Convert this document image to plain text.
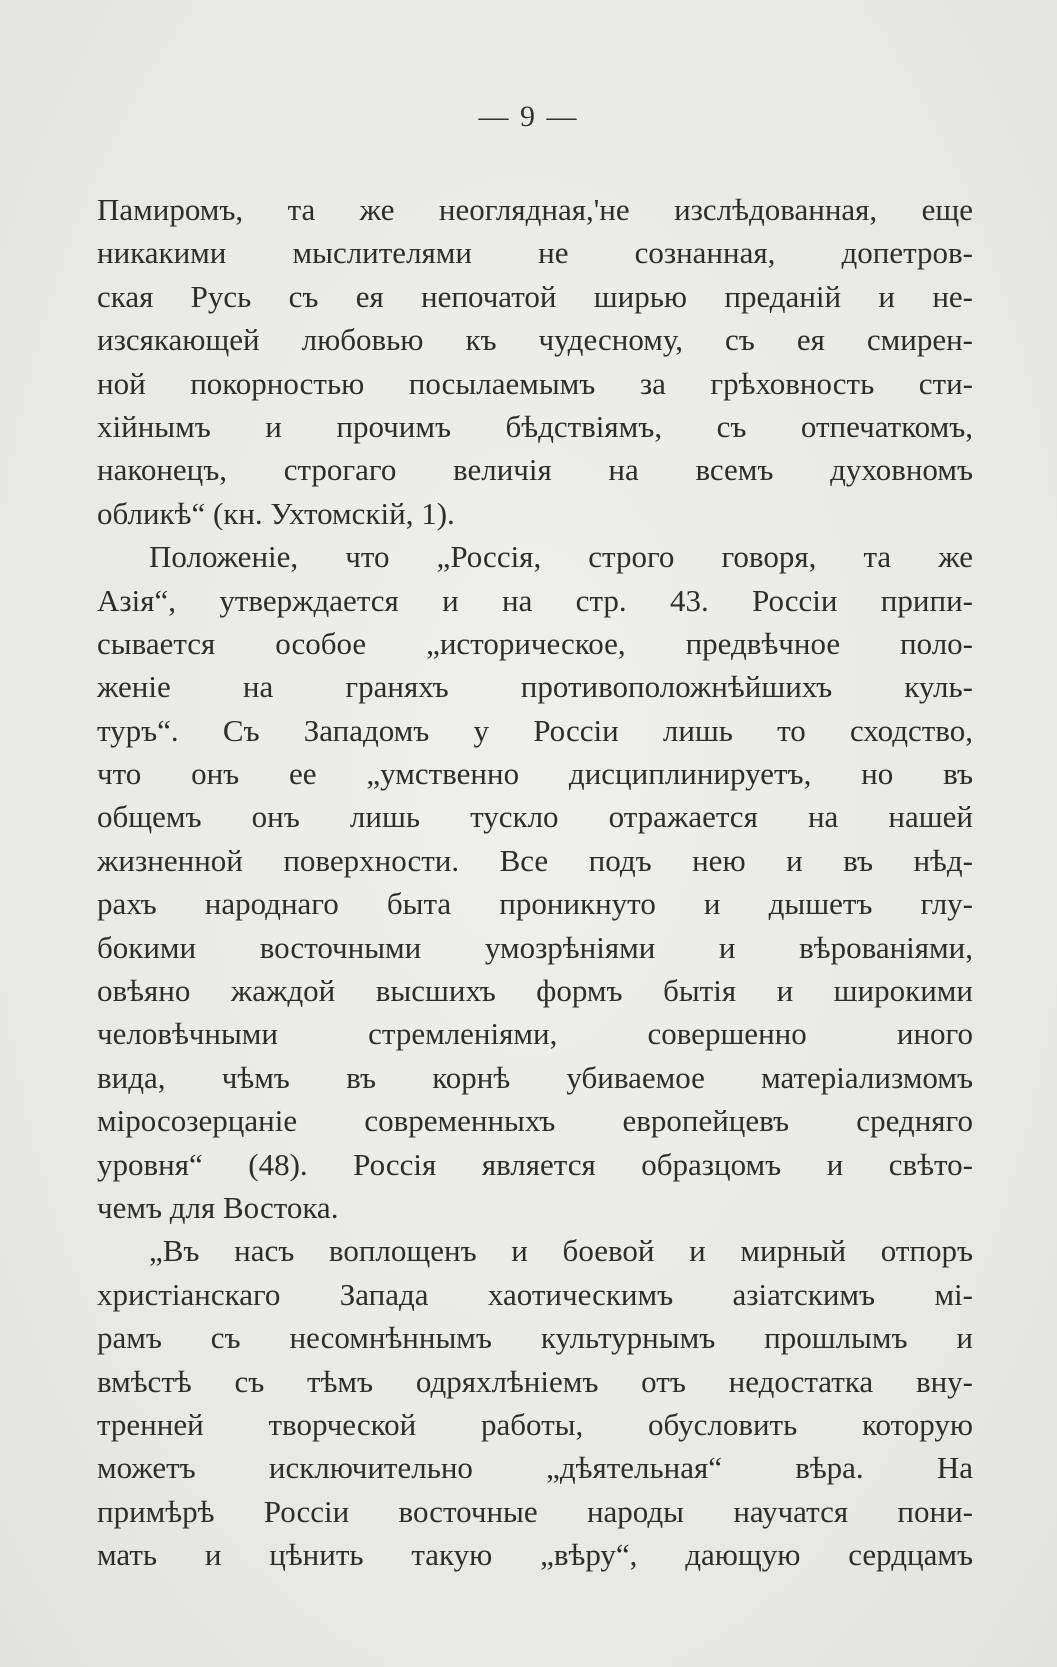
— 9 —
Памиромъ, та же неоглядная,'не изслѣдованная, еще
никакими мыслителями не сознанная, допетров-
ская Русь съ ея непочатой ширью преданій и не-
изсякающей любовью къ чудесному, съ ея смирен-
ной покорностью посылаемымъ за грѣховность сти-
хійнымъ и прочимъ бѣдствіямъ, съ отпечаткомъ,
наконецъ, строгаго величія на всемъ духовномъ
обликѣ“ (кн. Ухтомскій, 1).
Положеніе, что „Россія, строго говоря, та же
Азія“, утверждается и на стр. 43. Россіи припи-
сывается особое „историческое, предвѣчное поло-
женіе на граняхъ противоположнѣйшихъ куль-
туръ“. Съ Западомъ у Россіи лишь то сходство,
что онъ ее „умственно дисциплинируетъ, но въ
общемъ онъ лишь тускло отражается на нашей
жизненной поверхности. Все подъ нею и въ нѣд-
рахъ народнаго быта проникнуто и дышетъ глу-
бокими восточными умозрѣніями и вѣрованіями,
овѣяно жаждой высшихъ формъ бытія и широкими
человѣчными стремленіями, совершенно иного
вида, чѣмъ въ корнѣ убиваемое матеріализмомъ
міросозерцаніе современныхъ европейцевъ средняго
уровня“ (48). Россія является образцомъ и свѣто-
чемъ для Востока.
„Въ насъ воплощенъ и боевой и мирный отпоръ
христіанскаго Запада хаотическимъ азіатскимъ мі-
рамъ съ несомнѣннымъ культурнымъ прошлымъ и
вмѣстѣ съ тѣмъ одряхлѣніемъ отъ недостатка вну-
тренней творческой работы, обусловить которую
можетъ исключительно „дѣятельная“ вѣра. На
примѣрѣ Россіи восточные народы научатся пони-
мать и цѣнить такую „вѣру“, дающую сердцамъ
